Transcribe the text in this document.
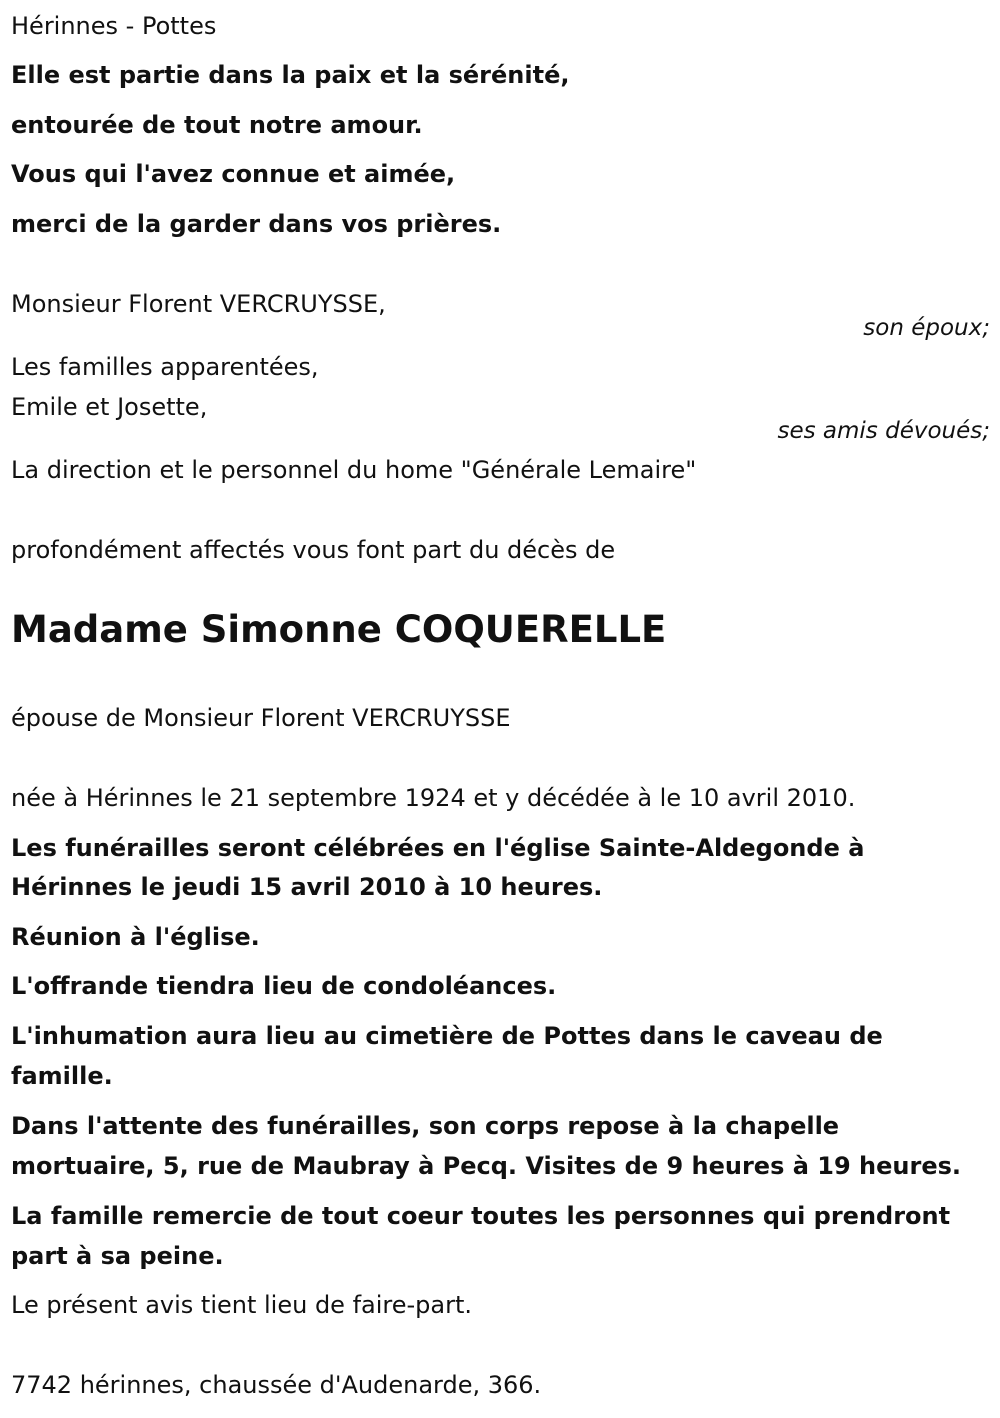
Hérinnes - Pottes

Elle est partie dans la paix et la sérénité,

entourée de tout notre amour.

Vous qui l'avez connue et aimée,

merci de la garder dans vos prières.

Monsieur Florent VERCRUYSSE,

son époux;

Les familles apparentées,

Emile et Josette,

ses amis dévoués;

La direction et le personnel du home "Générale Lemaire"

profondément affectés vous font part du décès de

Madame Simonne COQUERELLE

épouse de Monsieur Florent VERCRUYSSE

née à Hérinnes le 21 septembre 1924 et y décédée à le 10 avril 2010.

Les funérailles seront célébrées en l'église Sainte-Aldegonde à

Hérinnes le jeudi 15 avril 2010 à 10 heures.

Réunion à l'église.

L'offrande tiendra lieu de condoléances.

L'inhumation aura lieu au cimetière de Pottes dans le caveau de

famille.

Dans l'attente des funérailles, son corps repose à la chapelle

mortuaire, 5, rue de Maubray à Pecq. Visites de 9 heures à 19 heures.

La famille remercie de tout coeur toutes les personnes qui prendront

part à sa peine.

Le présent avis tient lieu de faire-part.

7742 hérinnes, chaussée d'Audenarde, 366.
